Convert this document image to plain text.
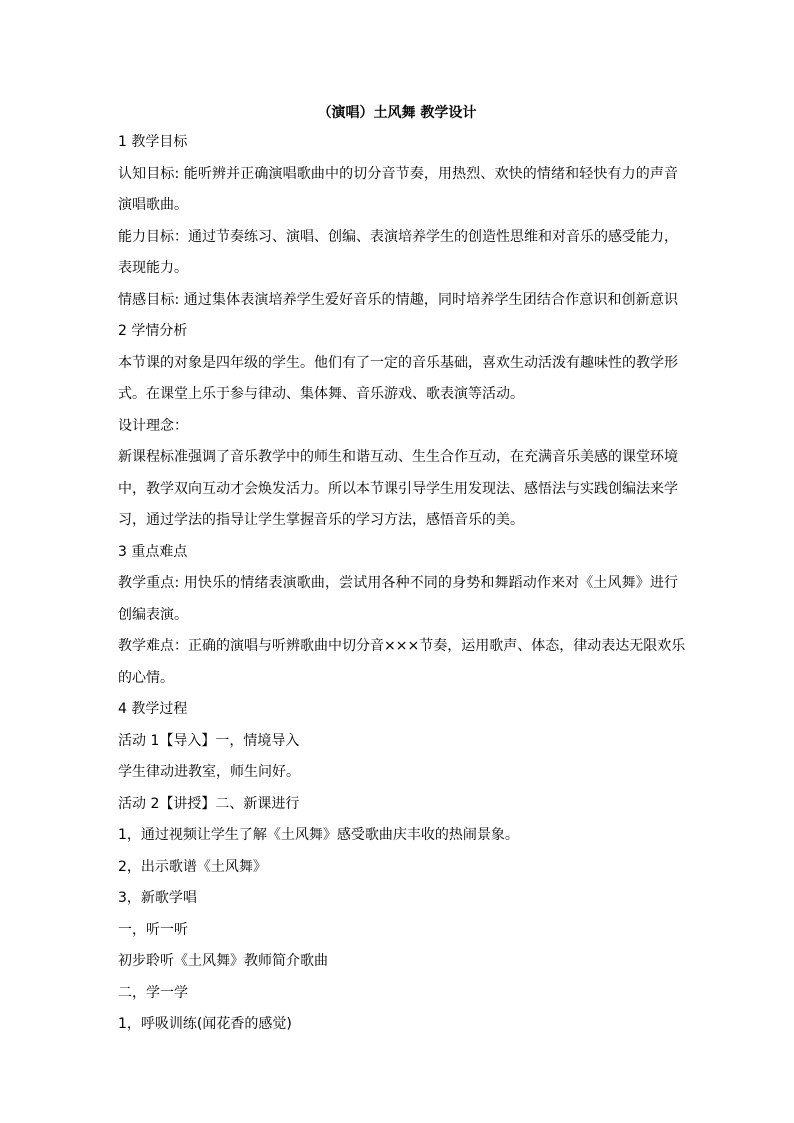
（演唱）土风舞 教学设计
1 教学目标
认知目标: 能听辨并正确演唱歌曲中的切分音节奏，用热烈、欢快的情绪和轻快有力的声音
演唱歌曲。
能力目标：通过节奏练习、演唱、创编、表演培养学生的创造性思维和对音乐的感受能力，
表现能力。
情感目标: 通过集体表演培养学生爱好音乐的情趣，同时培养学生团结合作意识和创新意识
2 学情分析
本节课的对象是四年级的学生。他们有了一定的音乐基础，喜欢生动活泼有趣味性的教学形
式。在课堂上乐于参与律动、集体舞、音乐游戏、歌表演等活动。
设计理念：
新课程标准强调了音乐教学中的师生和谐互动、生生合作互动，在充满音乐美感的课堂环境
中，教学双向互动才会焕发活力。所以本节课引导学生用发现法、感悟法与实践创编法来学
习，通过学法的指导让学生掌握音乐的学习方法，感悟音乐的美。
3 重点难点
教学重点: 用快乐的情绪表演歌曲，尝试用各种不同的身势和舞蹈动作来对《土风舞》进行
创编表演。
教学难点：正确的演唱与听辨歌曲中切分音×××节奏，运用歌声、体态，律动表达无限欢乐
的心情。
4 教学过程
活动 1【导入】一，情境导入
学生律动进教室，师生问好。
活动 2【讲授】二、新课进行
1，通过视频让学生了解《土风舞》感受歌曲庆丰收的热闹景象。
2，出示歌谱《土风舞》
3，新歌学唱
一，听一听
初步聆听《土风舞》教师简介歌曲
二，学一学
1，呼吸训练(闻花香的感觉)
